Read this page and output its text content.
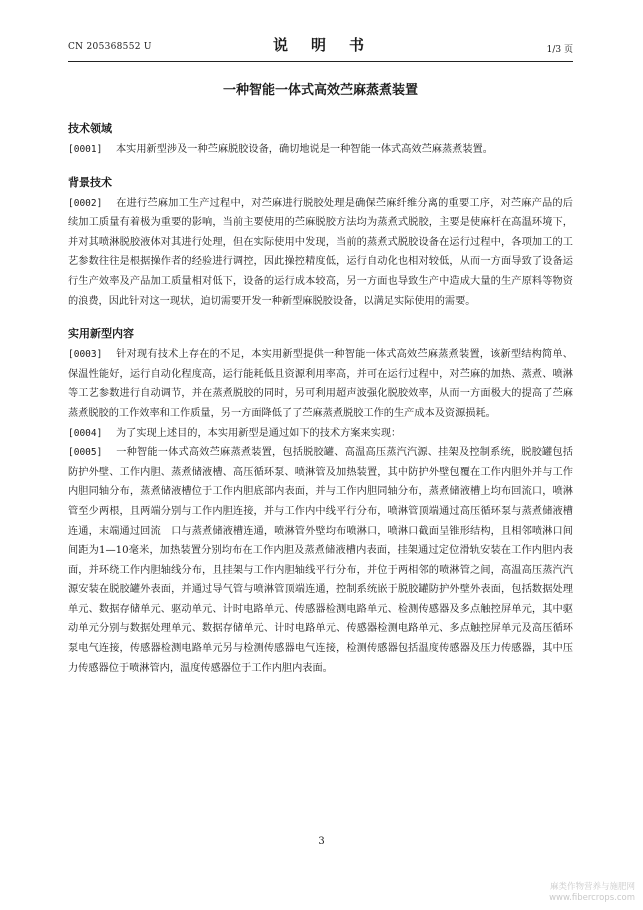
CN 205368552 U	说　明　书	1/3 页
一种智能一体式高效苎麻蒸煮装置
技术领域

[0001] 本实用新型涉及一种苎麻脱胶设备，确切地说是一种智能一体式高效苎麻蒸煮装置。

背景技术

[0002] 在进行苎麻加工生产过程中，对苎麻进行脱胶处理是确保苎麻纤维分离的重要工序，对苎麻产品的后续加工质量有着极为重要的影响，当前主要使用的苎麻脱胶方法均为蒸煮式脱胶，主要是使麻杆在高温环境下，并对其喷淋脱胶液体对其进行处理，但在实际使用中发现，当前的蒸煮式脱胶设备在运行过程中，各项加工的工艺参数往往是根据操作者的经验进行调控，因此操控精度低，运行自动化也相对较低，从而一方面导致了设备运行生产效率及产品加工质量相对低下，设备的运行成本较高，另一方面也导致生产中造成大量的生产原料等物资的浪费，因此针对这一现状，迫切需要开发一种新型麻脱胶设备，以满足实际使用的需要。

实用新型内容

[0003] 针对现有技术上存在的不足，本实用新型提供一种智能一体式高效苎麻蒸煮装置，该新型结构简单、保温性能好，运行自动化程度高，运行能耗低且资源利用率高，并可在运行过程中，对苎麻的加热、蒸煮、喷淋等工艺参数进行自动调节，并在蒸煮脱胶的同时，另可利用超声波强化脱胶效率，从而一方面极大的提高了苎麻蒸煮脱胶的工作效率和工作质量，另一方面降低了了苎麻蒸煮脱胶工作的生产成本及资源损耗。

[0004] 为了实现上述目的，本实用新型是通过如下的技术方案来实现：

[0005] 一种智能一体式高效苎麻蒸煮装置，包括脱胶罐、高温高压蒸汽汽源、挂架及控制系统，脱胶罐包括防护外壁、工作内胆、蒸煮储液槽、高压循环泵、喷淋管及加热装置，其中防护外壁包覆在工作内胆外并与工作内胆同轴分布，蒸煮储液槽位于工作内胆底部内表面，并与工作内胆同轴分布，蒸煮储液槽上均布回流口，喷淋管至少两根，且两端分别与工作内胆连接，并与工作内中线平行分布，喷淋管顶端通过高压循环泵与蒸煮储液槽连通，末端通过回流　口与蒸煮储液槽连通，喷淋管外壁均布喷淋口，喷淋口截面呈锥形结构，且相邻喷淋口间间距为1—10毫米，加热装置分别均布在工作内胆及蒸煮储液槽内表面，挂架通过定位滑轨安装在工作内胆内表面，并环绕工作内胆轴线分布，且挂架与工作内胆轴线平行分布，并位于两相邻的喷淋管之间，高温高压蒸汽汽源安装在脱胶罐外表面，并通过导气管与喷淋管顶端连通，控制系统嵌于脱胶罐防护外壁外表面，包括数据处理单元、数据存储单元、驱动单元、计时电路单元、传感器检测电路单元、检测传感器及多点触控屏单元，其中驱动单元分别与数据处理单元、数据存储单元、计时电路单元、传感器检测电路单元、多点触控屏单元及高压循环泵电气连接，传感器检测电路单元另与检测传感器电气连接，检测传感器包括温度传感器及压力传感器，其中压力传感器位于喷淋管内，温度传感器位于工作内胆内表面。

3
麻类作物营养与施肥网
www.fibercrops.com
